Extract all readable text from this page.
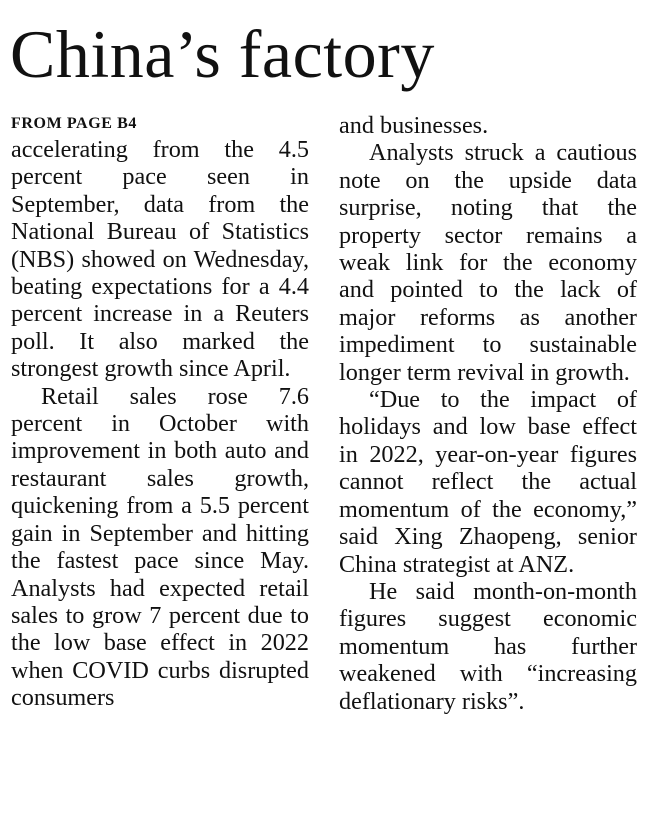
China’s factory
FROM PAGE B4

accelerating from the 4.5 percent pace seen in September, data from the National Bureau of Statistics (NBS) showed on Wednesday, beating expectations for a 4.4 percent increase in a Reuters poll. It also marked the strongest growth since April.

Retail sales rose 7.6 percent in October with improvement in both auto and restaurant sales growth, quickening from a 5.5 percent gain in September and hitting the fastest pace since May. Analysts had expected retail sales to grow 7 percent due to the low base effect in 2022 when COVID curbs disrupted consumers

and businesses.

Analysts struck a cautious note on the upside data surprise, noting that the property sector remains a weak link for the economy and pointed to the lack of major reforms as another impediment to sustainable longer term revival in growth.

“Due to the impact of holidays and low base effect in 2022, year-on-year figures cannot reflect the actual momentum of the economy,” said Xing Zhaopeng, senior China strategist at ANZ.

He said month-on-month figures suggest economic momentum has further weakened with “increasing deflationary risks”.
